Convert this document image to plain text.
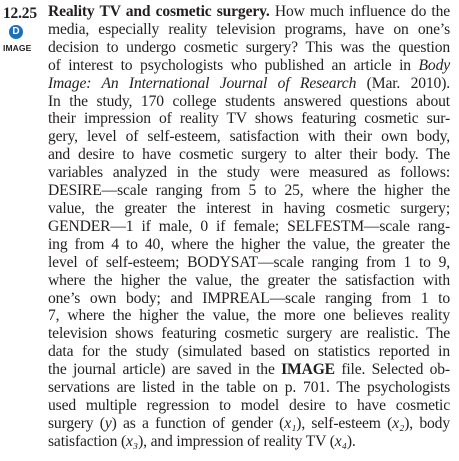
12.25
D
IMAGE
Reality TV and cosmetic surgery. How much influence do the
media, especially reality television programs, have on one’s
decision to undergo cosmetic surgery? This was the question
of interest to psychologists who published an article in Body
Image: An International Journal of Research (Mar. 2010).
In the study, 170 college students answered questions about
their impression of reality TV shows featuring cosmetic sur-
gery, level of self-esteem, satisfaction with their own body,
and desire to have cosmetic surgery to alter their body. The
variables analyzed in the study were measured as follows:
DESIRE—scale ranging from 5 to 25, where the higher the
value, the greater the interest in having cosmetic surgery;
GENDER—1 if male, 0 if female; SELFESTM—scale rang-
ing from 4 to 40, where the higher the value, the greater the
level of self-esteem; BODYSAT—scale ranging from 1 to 9,
where the higher the value, the greater the satisfaction with
one’s own body; and IMPREAL—scale ranging from 1 to
7, where the higher the value, the more one believes reality
television shows featuring cosmetic surgery are realistic. The
data for the study (simulated based on statistics reported in
the journal article) are saved in the IMAGE file. Selected ob-
servations are listed in the table on p. 701. The psychologists
used multiple regression to model desire to have cosmetic
surgery (y) as a function of gender (x₁), self-esteem (x₂), body
satisfaction (x₃), and impression of reality TV (x₄).
